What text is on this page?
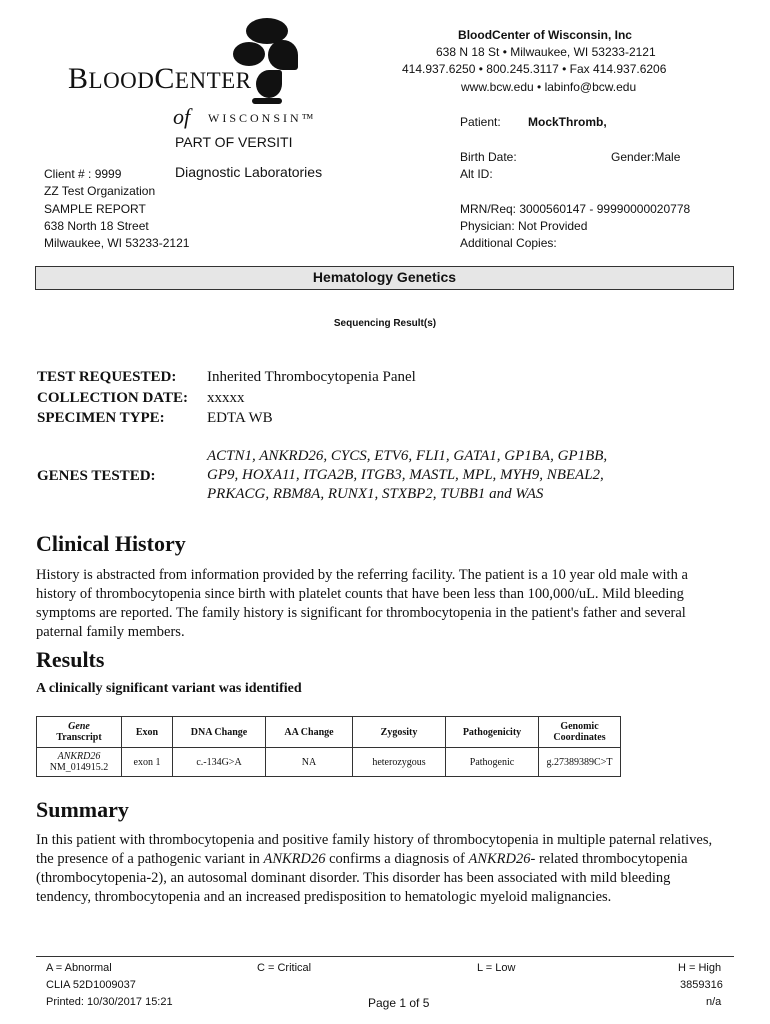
BLOODCENTER
of WISCONSIN™
PART OF VERSITI
Diagnostic Laboratories
BloodCenter of Wisconsin, Inc
638 N 18 St • Milwaukee, WI 53233-2121
414.937.6250 • 800.245.3117 • Fax 414.937.6206
www.bcw.edu • labinfo@bcw.edu
Patient: MockThromb,
Birth Date:	Gender:Male
Alt ID:
MRN/Req: 3000560147 - 99990000020778
Physician: Not Provided
Additional Copies:
Client # : 9999
ZZ Test Organization
SAMPLE REPORT
638 North 18 Street
Milwaukee, WI 53233-2121
Hematology Genetics
Sequencing Result(s)
TEST REQUESTED: Inherited Thrombocytopenia Panel
COLLECTION DATE: xxxxx
SPECIMEN TYPE:	EDTA WB
GENES TESTED:
ACTN1, ANKRD26, CYCS, ETV6, FLI1, GATA1, GP1BA, GP1BB,
GP9, HOXA11, ITGA2B, ITGB3, MASTL, MPL, MYH9, NBEAL2,
PRKACG, RBM8A, RUNX1, STXBP2, TUBB1 and WAS
Clinical History
History is abstracted from information provided by the referring facility. The patient is a 10 year old male with a history of thrombocytopenia since birth with platelet counts that have been less than 100,000/uL. Mild bleeding symptoms are reported. The family history is significant for thrombocytopenia in the patient's father and several paternal family members.
Results
A clinically significant variant was identified
Gene
Transcript	Exon	DNA Change	AA Change	Zygosity	Pathogenicity	Genomic
Coordinates
ANKRD26
NM_014915.2	exon 1	c.-134G>A	NA	heterozygous	Pathogenic	g.27389389C>T
Summary
In this patient with thrombocytopenia and positive family history of thrombocytopenia in multiple paternal relatives, the presence of a pathogenic variant in ANKRD26 confirms a diagnosis of ANKRD26- related thrombocytopenia (thrombocytopenia-2), an autosomal dominant disorder. This disorder has been associated with mild bleeding tendency, thrombocytopenia and an increased predisposition to hematologic myeloid malignancies.
A = Abnormal	C = Critical	L = Low	H = High
CLIA 52D1009037	3859316
Printed: 10/30/2017 15:21	Page 1 of 5	n/a
